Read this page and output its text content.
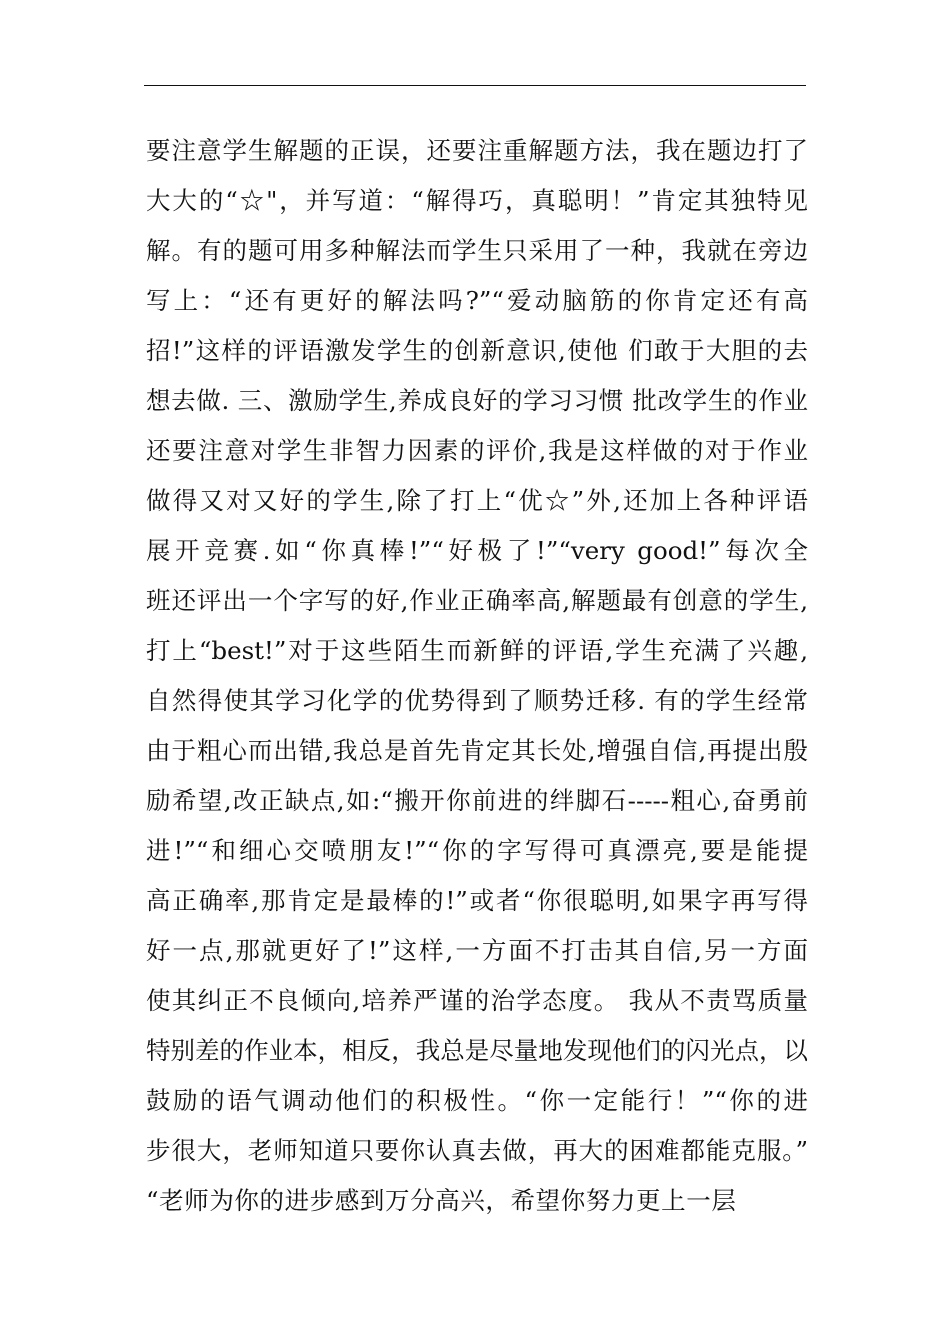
要注意学生解题的正误，还要注重解题方法，我在题边打了
大大的“☆"，并写道：“解得巧，真聪明！”肯定其独特见
解。有的题可用多种解法而学生只采用了一种，我就在旁边
写上：“还有更好的解法吗?”“爱动脑筋的你肯定还有高
招!”这样的评语激发学生的创新意识,使他 们敢于大胆的去
想去做. 三、激励学生,养成良好的学习习惯 批改学生的作业
还要注意对学生非智力因素的评价,我是这样做的对于作业
做得又对又好的学生,除了打上“优☆”外,还加上各种评语
展开竞赛.如“你真棒!”“好极了!”“very good!”每次全
班还评出一个字写的好,作业正确率高,解题最有创意的学生,
打上“best!”对于这些陌生而新鲜的评语,学生充满了兴趣,
自然得使其学习化学的优势得到了顺势迁移. 有的学生经常
由于粗心而出错,我总是首先肯定其长处,增强自信,再提出殷
励希望,改正缺点,如:“搬开你前进的绊脚石-----粗心,奋勇前
进!”“和细心交喷朋友!”“你的字写得可真漂亮,要是能提
高正确率,那肯定是最棒的!”或者“你很聪明,如果字再写得
好一点,那就更好了!”这样,一方面不打击其自信,另一方面
使其纠正不良倾向,培养严谨的治学态度。 我从不责骂质量
特别差的作业本，相反，我总是尽量地发现他们的闪光点，以
鼓励的语气调动他们的积极性。“你一定能行！”“你的进
步很大，老师知道只要你认真去做，再大的困难都能克服。”
“老师为你的进步感到万分高兴，希望你努力更上一层
